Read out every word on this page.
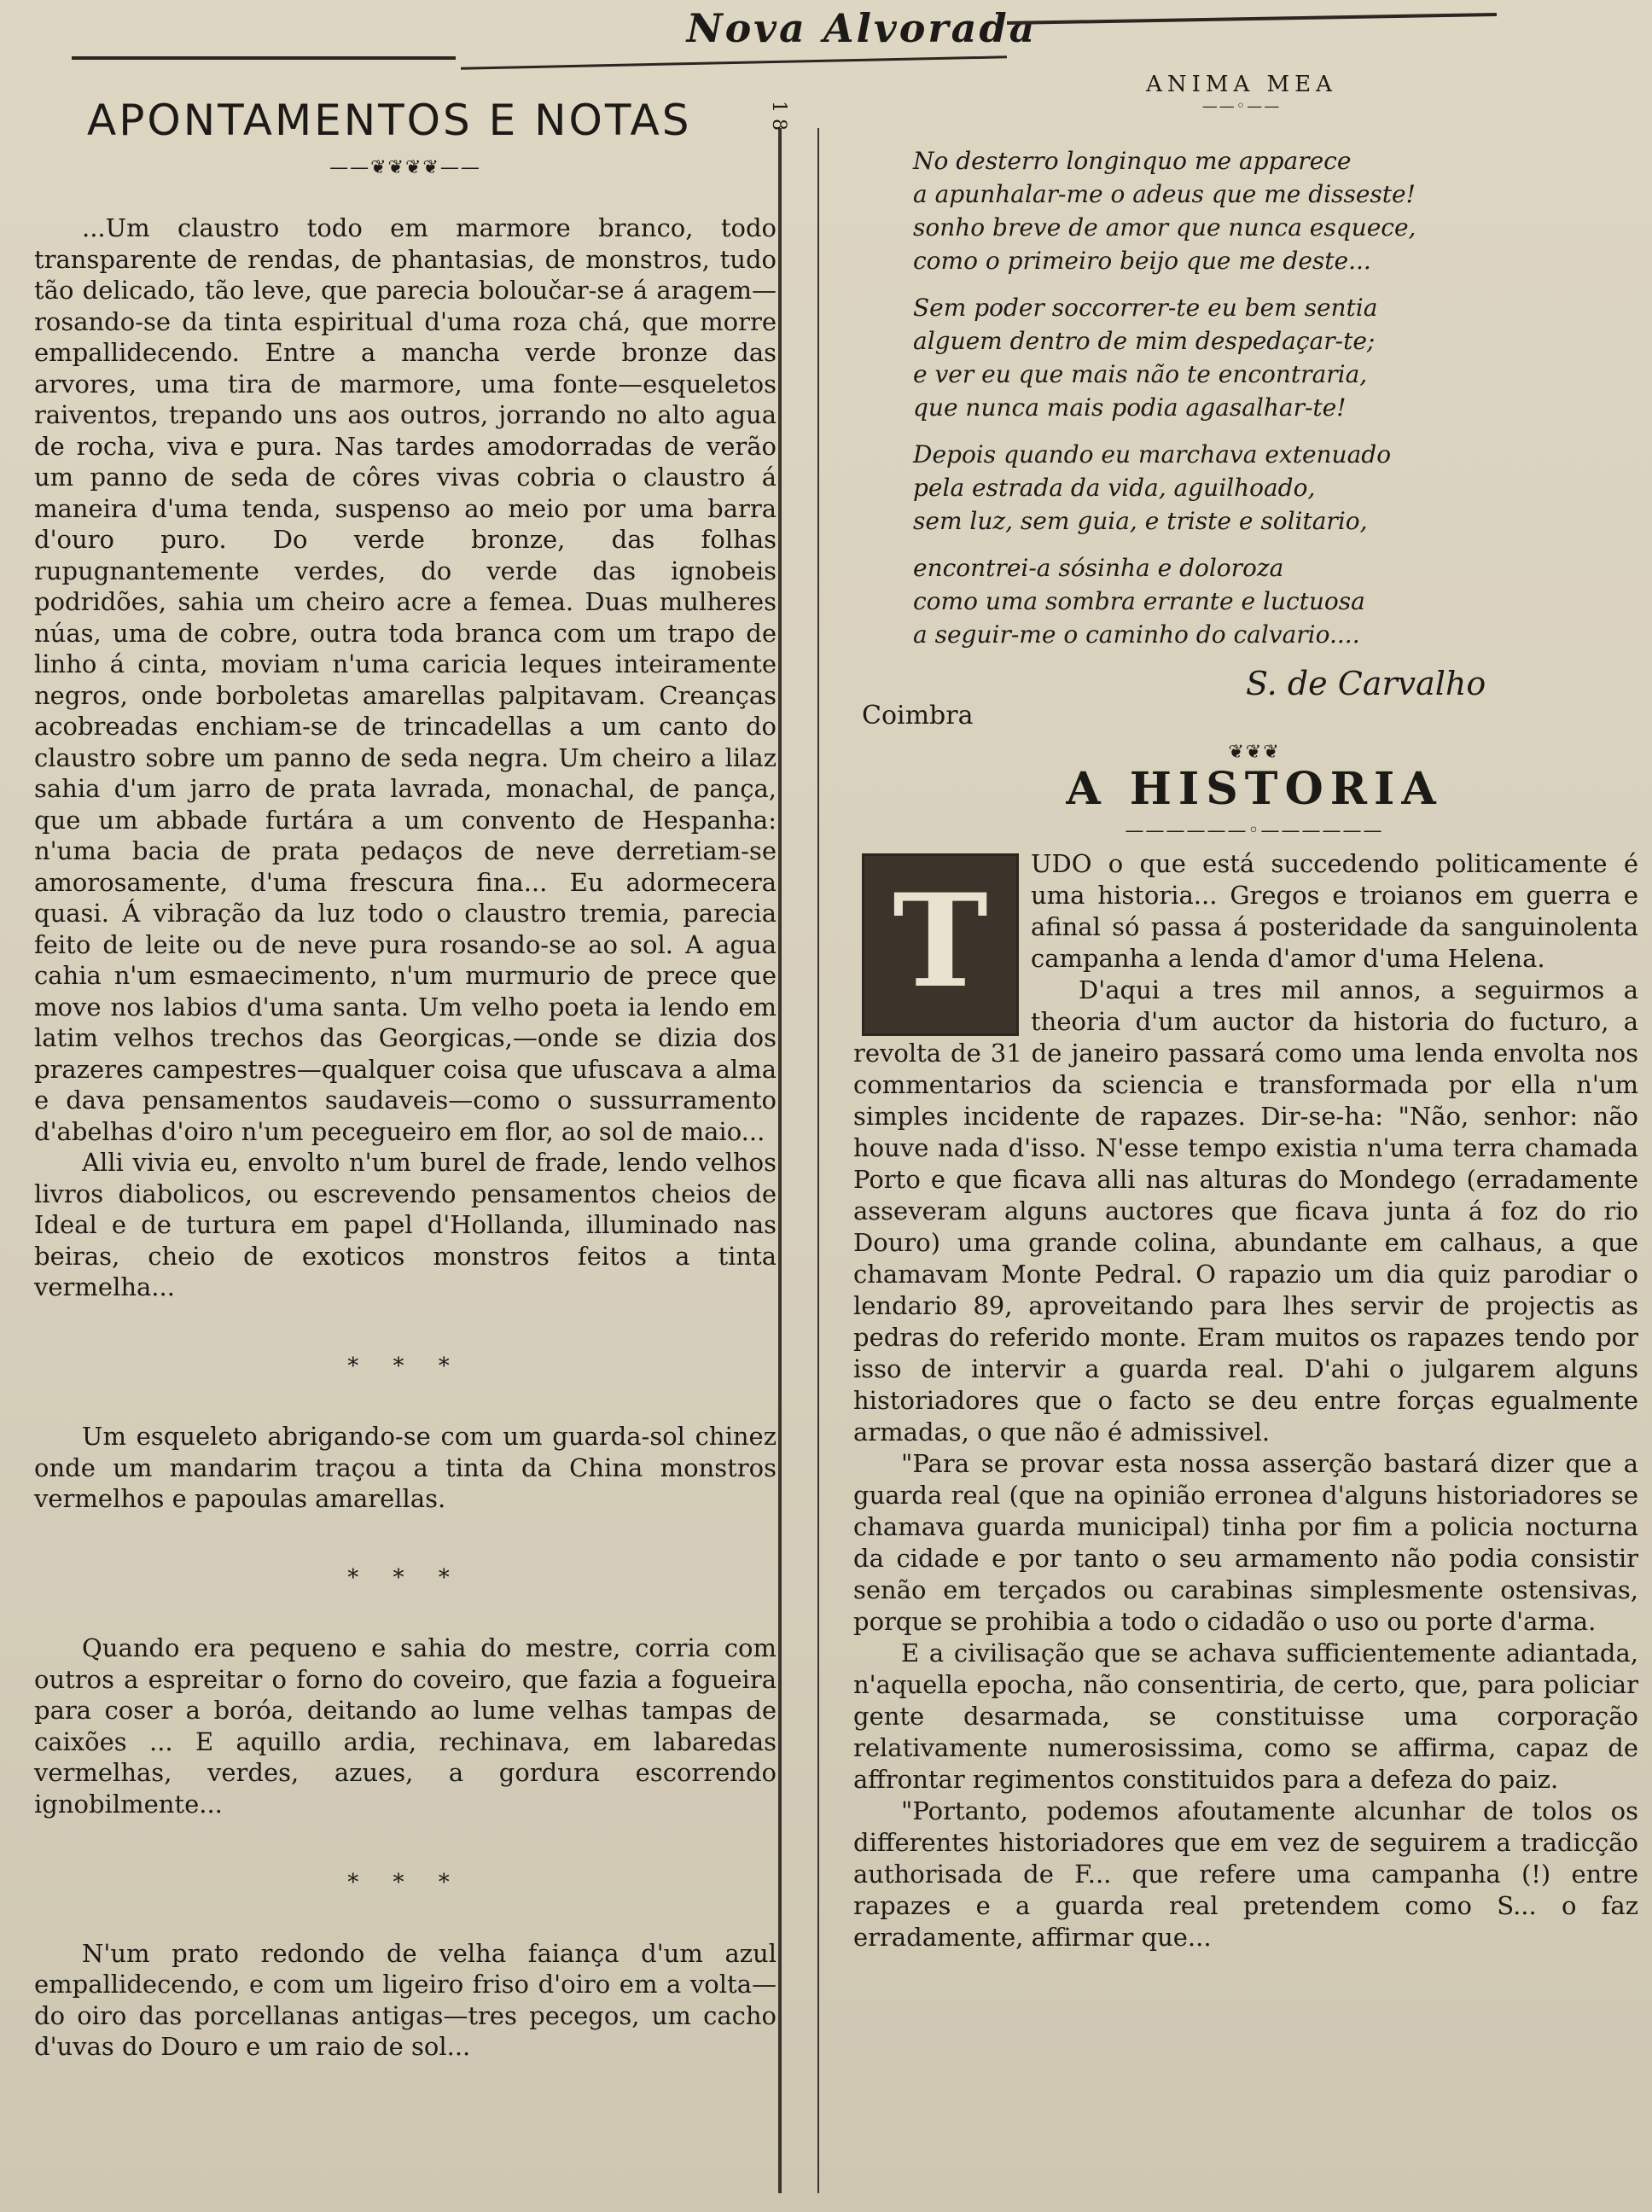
Nova Alvorada
APONTAMENTOS E NOTAS
——❦❦❦❦——

...Um claustro todo em marmore branco, todo transparente de rendas, de phantasias, de monstros, tudo tão delicado, tão leve, que parecia boloučar-se á aragem—rosando-se da tinta espiritual d'uma roza chá, que morre empallidecendo. Entre a mancha verde bronze das arvores, uma tira de marmore, uma fonte—esqueletos raiventos, trepando uns aos outros, jorrando no alto agua de rocha, viva e pura. Nas tardes amodorradas de verão um panno de seda de côres vivas cobria o claustro á maneira d'uma tenda, suspenso ao meio por uma barra d'ouro puro. Do verde bronze, das folhas rupugnantemente verdes, do verde das ignobeis podridões, sahia um cheiro acre a femea. Duas mulheres núas, uma de cobre, outra toda branca com um trapo de linho á cinta, moviam n'uma caricia leques inteiramente negros, onde borboletas amarellas palpitavam. Creanças acobreadas enchiam-se de trincadellas a um canto do claustro sobre um panno de seda negra. Um cheiro a lilaz sahia d'um jarro de prata lavrada, monachal, de pança, que um abbade furtára a um convento de Hespanha: n'uma bacia de prata pedaços de neve derretiam-se amorosamente, d'uma frescura fina... Eu adormecera quasi. Á vibração da luz todo o claustro tremia, parecia feito de leite ou de neve pura rosando-se ao sol. A agua cahia n'um esmaecimento, n'um murmurio de prece que move nos labios d'uma santa. Um velho poeta ia lendo em latim velhos trechos das Georgicas,—onde se dizia dos prazeres campestres—qualquer coisa que ufuscava a alma e dava pensamentos saudaveis—como o sussurramento d'abelhas d'oiro n'um pecegueiro em flor, ao sol de maio...

Alli vivia eu, envolto n'um burel de frade, lendo velhos livros diabolicos, ou escrevendo pensamentos cheios de Ideal e de turtura em papel d'Hollanda, illuminado nas beiras, cheio de exoticos monstros feitos a tinta vermelha...

* * *

Um esqueleto abrigando-se com um guarda-sol chinez onde um mandarim traçou a tinta da China monstros vermelhos e papoulas amarellas.

* * *

Quando era pequeno e sahia do mestre, corria com outros a espreitar o forno do coveiro, que fazia a fogueira para coser a boróa, deitando ao lume velhas tampas de caixões ... E aquillo ardia, rechinava, em labaredas vermelhas, verdes, azues, a gordura escorrendo ignobilmente...

* * *

N'um prato redondo de velha faiança d'um azul empallidecendo, e com um ligeiro friso d'oiro em a volta—do oiro das porcellanas antigas—tres pecegos, um cacho d'uvas do Douro e um raio de sol...

ANIMA MEA
——◦——
No desterro longinquo me apparece
a apunhalar-me o adeus que me disseste!
sonho breve de amor que nunca esquece,
como o primeiro beijo que me deste...
Sem poder soccorrer-te eu bem sentia
alguem dentro de mim despedaçar-te;
e ver eu que mais não te encontraria,
que nunca mais podia agasalhar-te!
Depois quando eu marchava extenuado
pela estrada da vida, aguilhoado,
sem luz, sem guia, e triste e solitario,
encontrei-a sósinha e doloroza
como uma sombra errante e luctuosa
a seguir-me o caminho do calvario....
Coimbra
S. de Carvalho
❦❦❦
A HISTORIA
——————◦——————
T

UDO o que está succedendo politicamente é uma historia... Gregos e troianos em guerra e afinal só passa á posteridade da sanguinolenta campanha a lenda d'amor d'uma Helena.

D'aqui a tres mil annos, a seguirmos a theoria d'um auctor da historia do fucturo, a revolta de 31 de janeiro passará como uma lenda envolta nos commentarios da sciencia e transformada por ella n'um simples incidente de rapazes. Dir-se-ha: "Não, senhor: não houve nada d'isso. N'esse tempo existia n'uma terra chamada Porto e que ficava alli nas alturas do Mondego (erradamente asseveram alguns auctores que ficava junta á foz do rio Douro) uma grande colina, abundante em calhaus, a que chamavam Monte Pedral. O rapazio um dia quiz parodiar o lendario 89, aproveitando para lhes servir de projectis as pedras do referido monte. Eram muitos os rapazes tendo por isso de intervir a guarda real. D'ahi o julgarem alguns historiadores que o facto se deu entre forças egualmente armadas, o que não é admissivel.

"Para se provar esta nossa asserção bastará dizer que a guarda real (que na opinião erronea d'alguns historiadores se chamava guarda municipal) tinha por fim a policia nocturna da cidade e por tanto o seu armamento não podia consistir senão em terçados ou carabinas simplesmente ostensivas, porque se prohibia a todo o cidadão o uso ou porte d'arma.

E a civilisação que se achava sufficientemente adiantada, n'aquella epocha, não consentiria, de certo, que, para policiar gente desarmada, se constituisse uma corporação relativamente numerosissima, como se affirma, capaz de affrontar regimentos constituidos para a defeza do paiz.

"Portanto, podemos afoutamente alcunhar de tolos os differentes historiadores que em vez de seguirem a tradicção authorisada de F... que refere uma campanha (!) entre rapazes e a guarda real pretendem como S... o faz erradamente, affirmar que...

1 8
